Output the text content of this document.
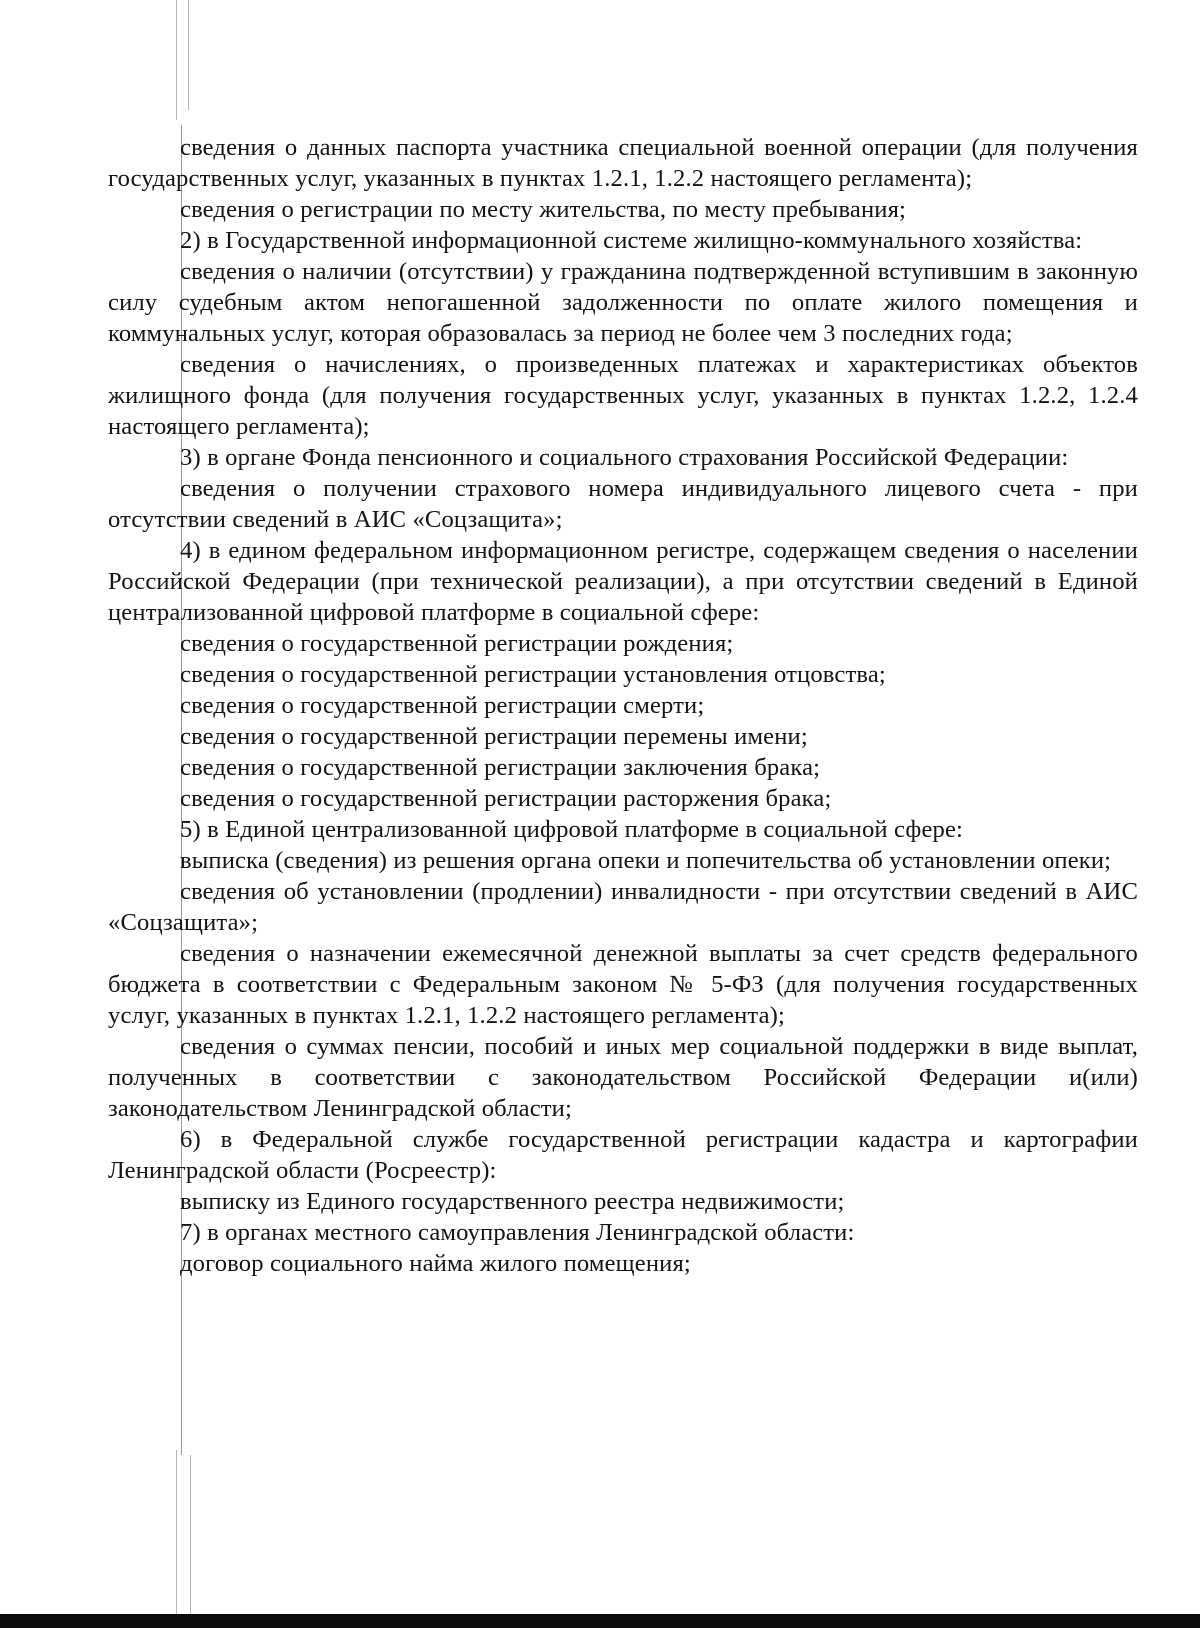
сведения о данных паспорта участника специальной военной операции (для получения государственных услуг, указанных в пунктах 1.2.1, 1.2.2 настоящего регламента);

сведения о регистрации по месту жительства, по месту пребывания;

2) в Государственной информационной системе жилищно-коммунального хозяйства:

сведения о наличии (отсутствии) у гражданина подтвержденной вступившим в законную силу судебным актом непогашенной задолженности по оплате жилого помещения и коммунальных услуг, которая образовалась за период не более чем 3 последних года;

сведения о начислениях, о произведенных платежах и характеристиках объектов жилищного фонда (для получения государственных услуг, указанных в пунктах 1.2.2, 1.2.4 настоящего регламента);

3) в органе Фонда пенсионного и социального страхования Российской Федерации:

сведения о получении страхового номера индивидуального лицевого счета - при отсутствии сведений в АИС «Соцзащита»;

4) в едином федеральном информационном регистре, содержащем сведения о населении Российской Федерации (при технической реализации), а при отсутствии сведений в Единой централизованной цифровой платформе в социальной сфере:

сведения о государственной регистрации рождения;

сведения о государственной регистрации установления отцовства;

сведения о государственной регистрации смерти;

сведения о государственной регистрации перемены имени;

сведения о государственной регистрации заключения брака;

сведения о государственной регистрации расторжения брака;

5) в Единой централизованной цифровой платформе в социальной сфере:

выписка (сведения) из решения органа опеки и попечительства об установлении опеки;

сведения об установлении (продлении) инвалидности - при отсутствии сведений в АИС «Соцзащита»;

сведения о назначении ежемесячной денежной выплаты за счет средств федерального бюджета в соответствии с Федеральным законом № 5-ФЗ (для получения государственных услуг, указанных в пунктах 1.2.1, 1.2.2 настоящего регламента);

сведения о суммах пенсии, пособий и иных мер социальной поддержки в виде выплат, полученных в соответствии с законодательством Российской Федерации и(или) законодательством Ленинградской области;

6) в Федеральной службе государственной регистрации кадастра и картографии Ленинградской области (Росреестр):

выписку из Единого государственного реестра недвижимости;

7) в органах местного самоуправления Ленинградской области:

договор социального найма жилого помещения;
